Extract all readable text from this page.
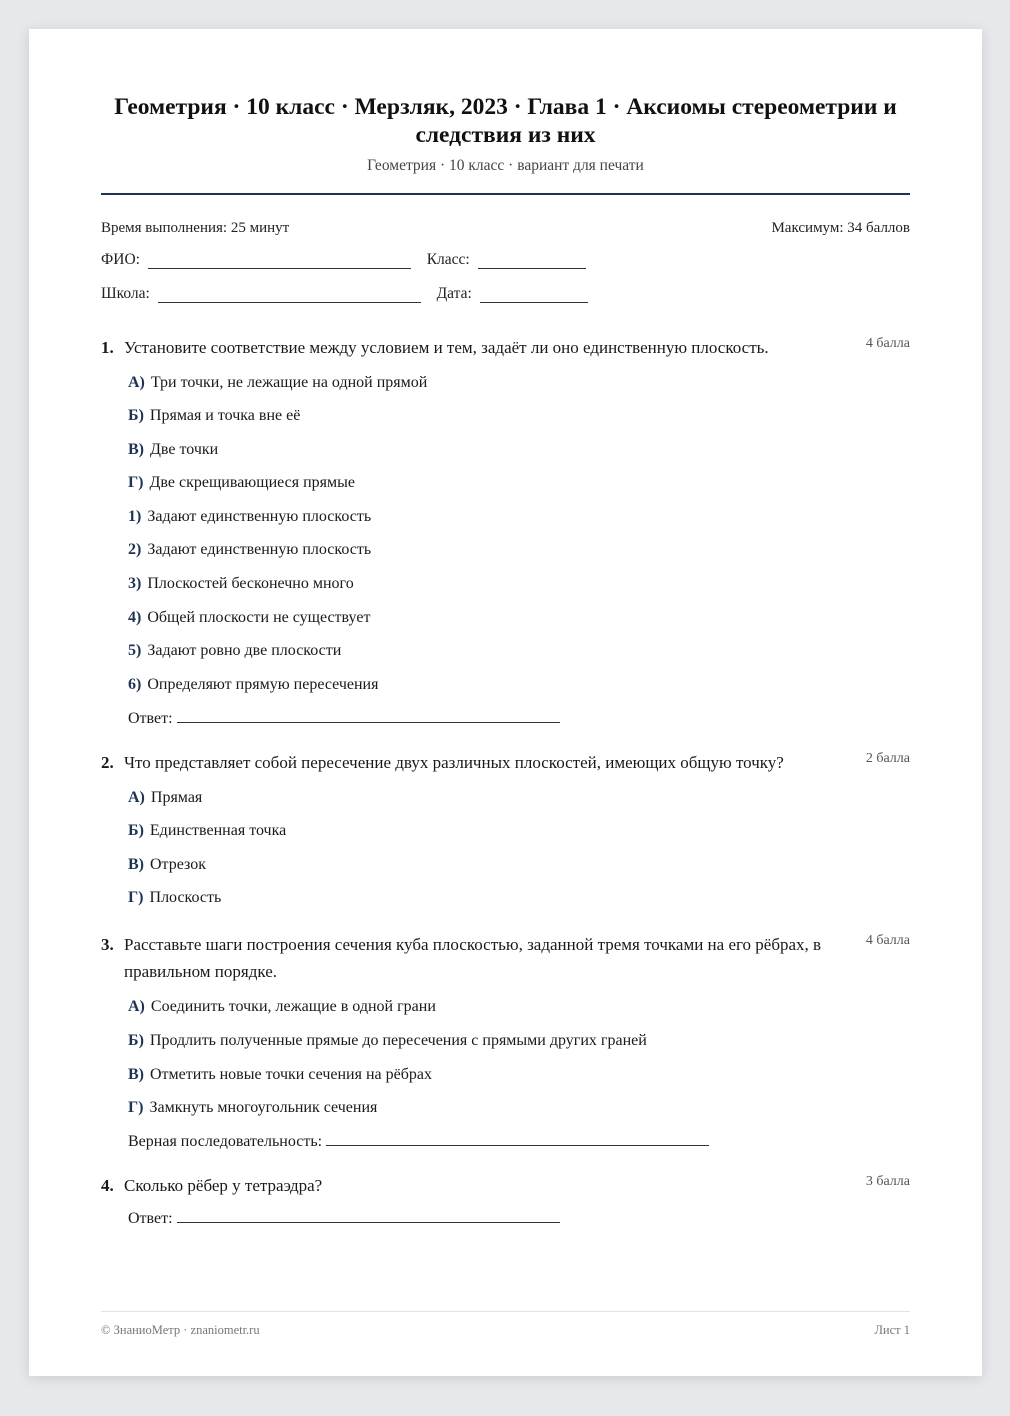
Геометрия · 10 класс · Мерзляк, 2023 · Глава 1 · Аксиомы стереометрии и следствия из них
Геометрия · 10 класс · вариант для печати
Время выполнения: 25 минут	Максимум: 34 баллов
ФИО:	Класс:
Школа:	Дата:
1. Установите соответствие между условием и тем, задаёт ли оно единственную плоскость.	4 балла
А) Три точки, не лежащие на одной прямой
Б) Прямая и точка вне её
В) Две точки
Г) Две скрещивающиеся прямые
1) Задают единственную плоскость
2) Задают единственную плоскость
3) Плоскостей бесконечно много
4) Общей плоскости не существует
5) Задают ровно две плоскости
6) Определяют прямую пересечения
Ответ:
2. Что представляет собой пересечение двух различных плоскостей, имеющих общую точку?	2 балла
А) Прямая
Б) Единственная точка
В) Отрезок
Г) Плоскость
3. Расставьте шаги построения сечения куба плоскостью, заданной тремя точками на его рёбрах, в правильном порядке.
4 балла
А) Соединить точки, лежащие в одной грани
Б) Продлить полученные прямые до пересечения с прямыми других граней
В) Отметить новые точки сечения на рёбрах
Г) Замкнуть многоугольник сечения
Верная последовательность:
4. Сколько рёбер у тетраэдра?	3 балла
Ответ:
© ЗнаниоМетр · znaniometr.ru	Лист 1
